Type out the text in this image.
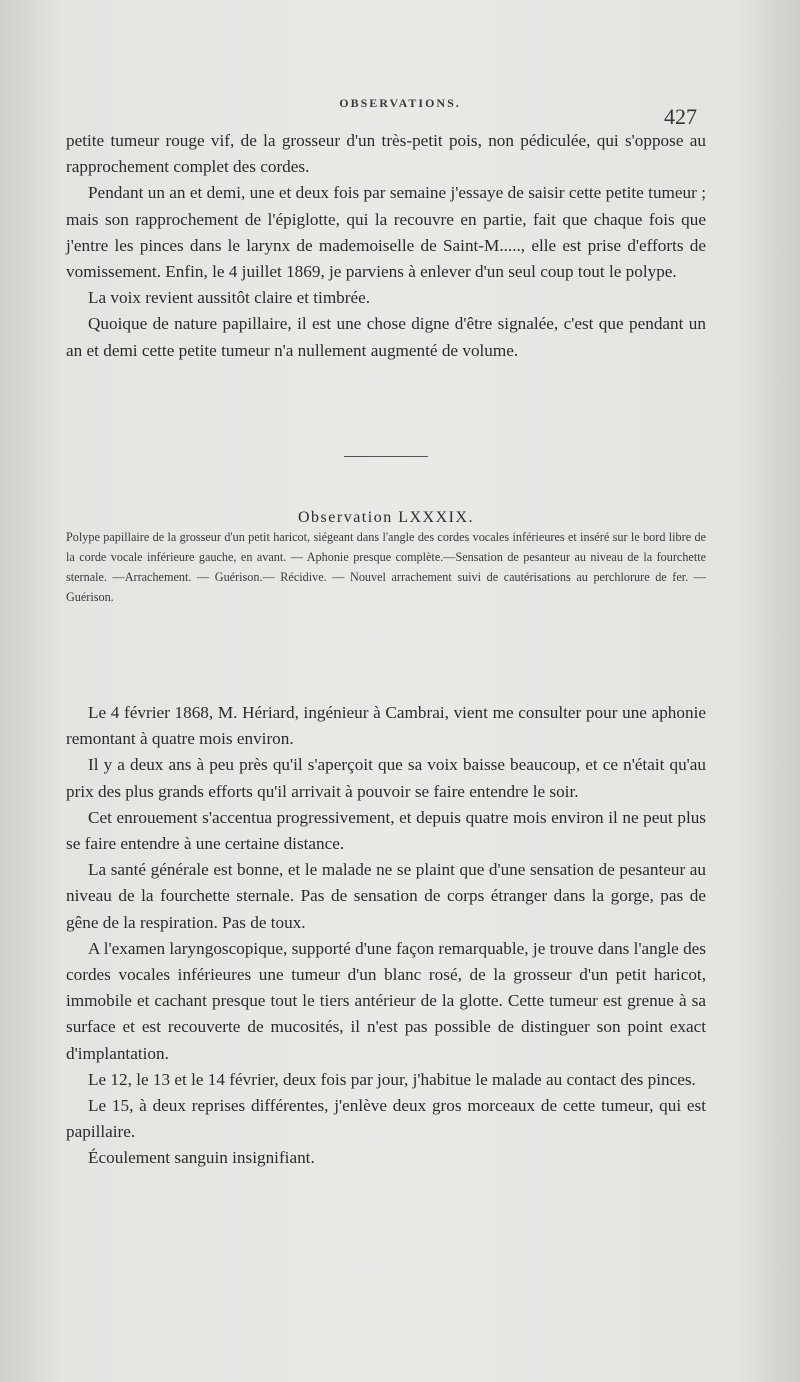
OBSERVATIONS.
427

petite tumeur rouge vif, de la grosseur d'un très-petit pois, non pédiculée, qui s'oppose au rapprochement complet des cordes.

Pendant un an et demi, une et deux fois par semaine j'essaye de saisir cette petite tumeur ; mais son rapprochement de l'épiglotte, qui la recouvre en partie, fait que chaque fois que j'entre les pinces dans le larynx de mademoiselle de Saint-M....., elle est prise d'efforts de vomissement. Enfin, le 4 juillet 1869, je parviens à enlever d'un seul coup tout le polype.

La voix revient aussitôt claire et timbrée.

Quoique de nature papillaire, il est une chose digne d'être signalée, c'est que pendant un an et demi cette petite tumeur n'a nullement augmenté de volume.

Observation LXXXIX.

Polype papillaire de la grosseur d'un petit haricot, siégeant dans l'angle des cordes vocales inférieures et inséré sur le bord libre de la corde vocale inférieure gauche, en avant. — Aphonie presque complète.—Sensation de pesanteur au niveau de la fourchette sternale. —Arrachement. — Guérison.— Récidive. — Nouvel arrachement suivi de cautérisations au perchlorure de fer. — Guérison.

Le 4 février 1868, M. Hériard, ingénieur à Cambrai, vient me consulter pour une aphonie remontant à quatre mois environ.

Il y a deux ans à peu près qu'il s'aperçoit que sa voix baisse beaucoup, et ce n'était qu'au prix des plus grands efforts qu'il arrivait à pouvoir se faire entendre le soir.

Cet enrouement s'accentua progressivement, et depuis quatre mois environ il ne peut plus se faire entendre à une certaine distance.

La santé générale est bonne, et le malade ne se plaint que d'une sensation de pesanteur au niveau de la fourchette sternale. Pas de sensation de corps étranger dans la gorge, pas de gêne de la respiration. Pas de toux.

A l'examen laryngoscopique, supporté d'une façon remarquable, je trouve dans l'angle des cordes vocales inférieures une tumeur d'un blanc rosé, de la grosseur d'un petit haricot, immobile et cachant presque tout le tiers antérieur de la glotte. Cette tumeur est grenue à sa surface et est recouverte de mucosités, il n'est pas possible de distinguer son point exact d'implantation.

Le 12, le 13 et le 14 février, deux fois par jour, j'habitue le malade au contact des pinces.

Le 15, à deux reprises différentes, j'enlève deux gros morceaux de cette tumeur, qui est papillaire.

Écoulement sanguin insignifiant.
